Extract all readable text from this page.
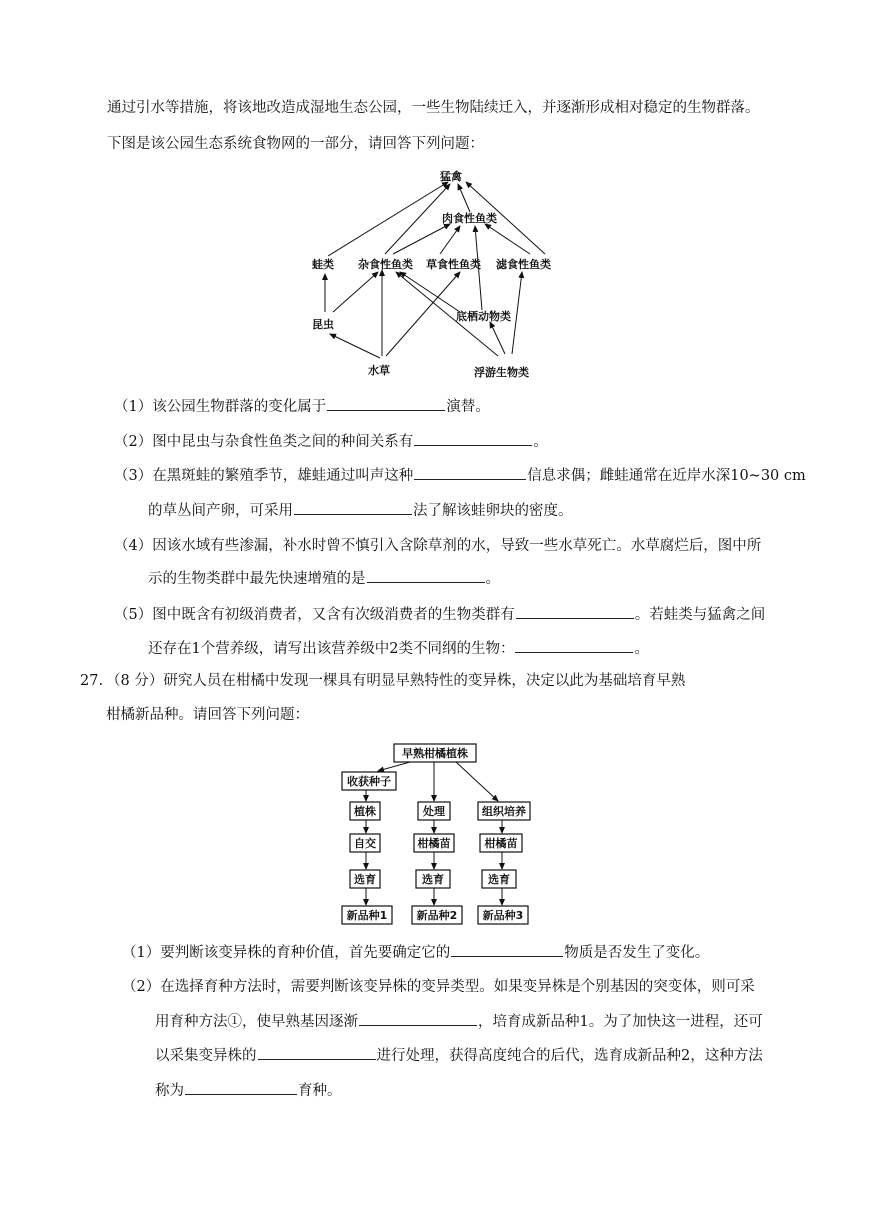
通过引水等措施，将该地改造成湿地生态公园，一些生物陆续迁入，并逐渐形成相对稳定的生物群落。
下图是该公园生态系统食物网的一部分，请回答下列问题：
猛禽
肉食性鱼类
蛙类 杂食性鱼类 草食性鱼类 滤食性鱼类
昆虫
底栖动物类
水草	浮游生物类
（1）该公园生物群落的变化属于	演替。
（2）图中昆虫与杂食性鱼类之间的种间关系有	。
（3）在黑斑蛙的繁殖季节，雄蛙通过叫声这种	信息求偶；雌蛙通常在近岸水深10~30 cm
的草丛间产卵，可采用	法了解该蛙卵块的密度。
（4）因该水域有些渗漏，补水时曾不慎引入含除草剂的水，导致一些水草死亡。水草腐烂后，图中所
示的生物类群中最先快速增殖的是	。
（5）图中既含有初级消费者，又含有次级消费者的生物类群有	。若蛙类与猛禽之间
还存在1个营养级，请写出该营养级中2类不同纲的生物：	。
27. （8 分）研究人员在柑橘中发现一棵具有明显早熟特性的变异株，决定以此为基础培育早熟
柑橘新品种。请回答下列问题：
早熟柑橘植株
收获种子
植株
自交
选育
新品种1
处理
柑橘苗
选育
新品种2
组织培养
柑橘苗
选育
新品种3
（1）要判断该变异株的育种价值，首先要确定它的	物质是否发生了变化。
（2）在选择育种方法时，需要判断该变异株的变异类型。如果变异株是个别基因的突变体，则可采
用育种方法①，使早熟基因逐渐	，培育成新品种1。为了加快这一进程，还可
以采集变异株的	进行处理，获得高度纯合的后代，选育成新品种2，这种方法
称为	育种。
